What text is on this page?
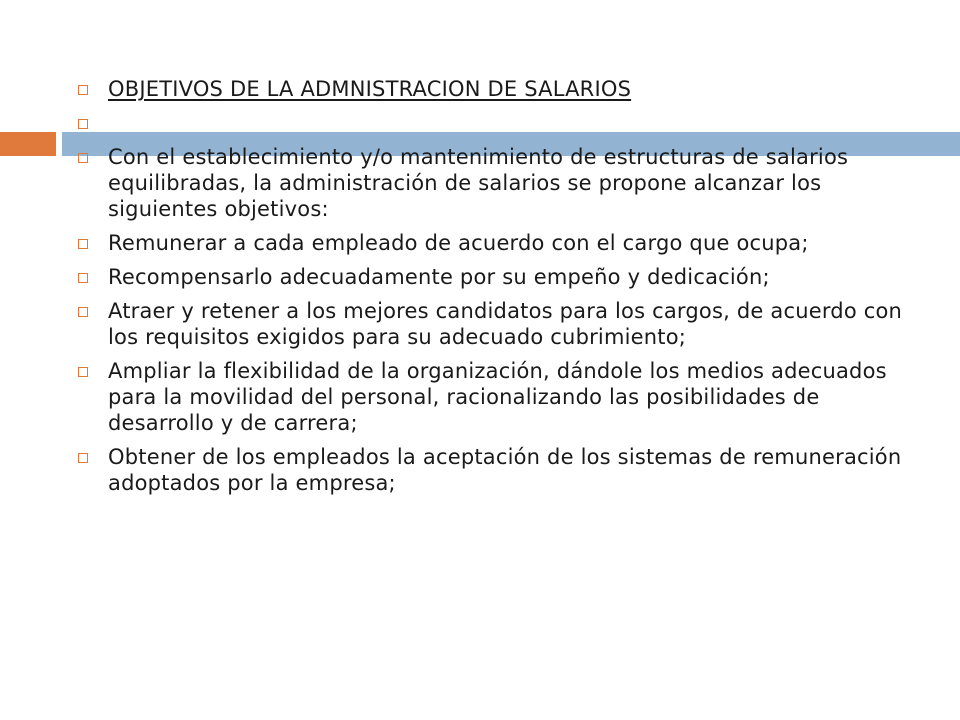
OBJETIVOS DE LA ADMNISTRACION DE SALARIOS
Con el establecimiento y/o mantenimiento de estructuras de salarios equilibradas, la administración de salarios se propone alcanzar los siguientes objetivos:
Remunerar a cada empleado de acuerdo con el cargo que ocupa;
Recompensarlo adecuadamente por su empeño y dedicación;
Atraer y retener a los mejores candidatos para los cargos, de acuerdo con los requisitos exigidos para su adecuado cubrimiento;
Ampliar la flexibilidad de la organización, dándole los medios adecuados para la movilidad del personal, racionalizando las posibilidades de desarrollo y de carrera;
Obtener de los empleados la aceptación de los sistemas de remuneración adoptados por la empresa;
